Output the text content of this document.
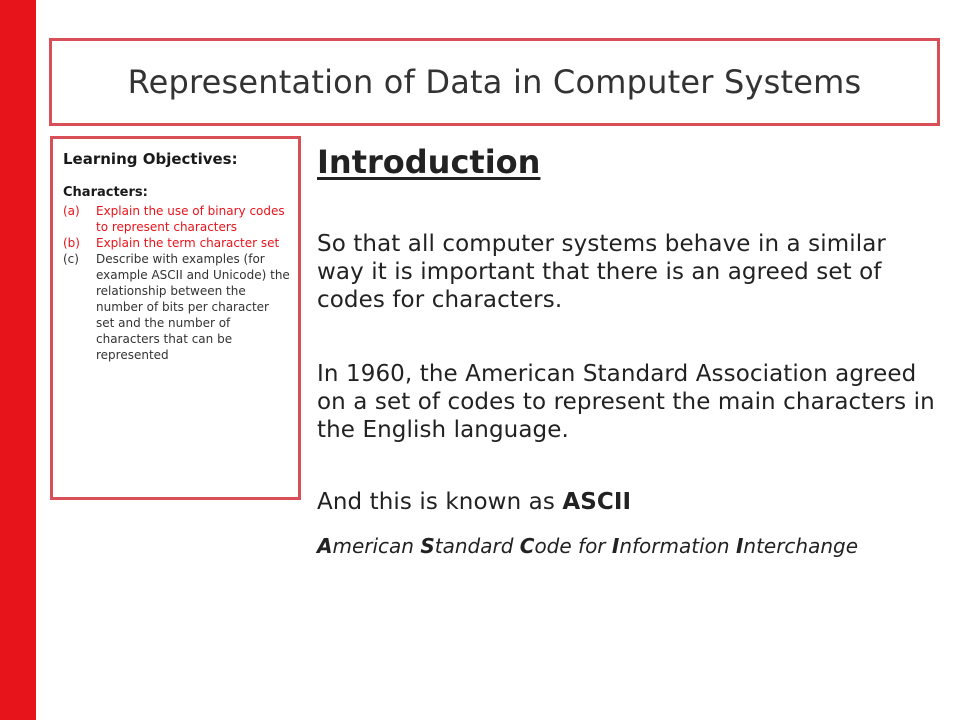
Representation of Data in Computer Systems

Learning Objectives:

Characters:

(a)	Explain the use of binary codes to represent characters
(b)	Explain the term character set
(c)	Describe with examples (for example ASCII and Unicode) the relationship between the number of bits per character set and the number of characters that can be represented
Introduction

So that all computer systems behave in a similar way it is important that there is an agreed set of codes for characters.

In 1960, the American Standard Association agreed on a set of codes to represent the main characters in the English language.

And this is known as ASCII

American Standard Code for Information Interchange
